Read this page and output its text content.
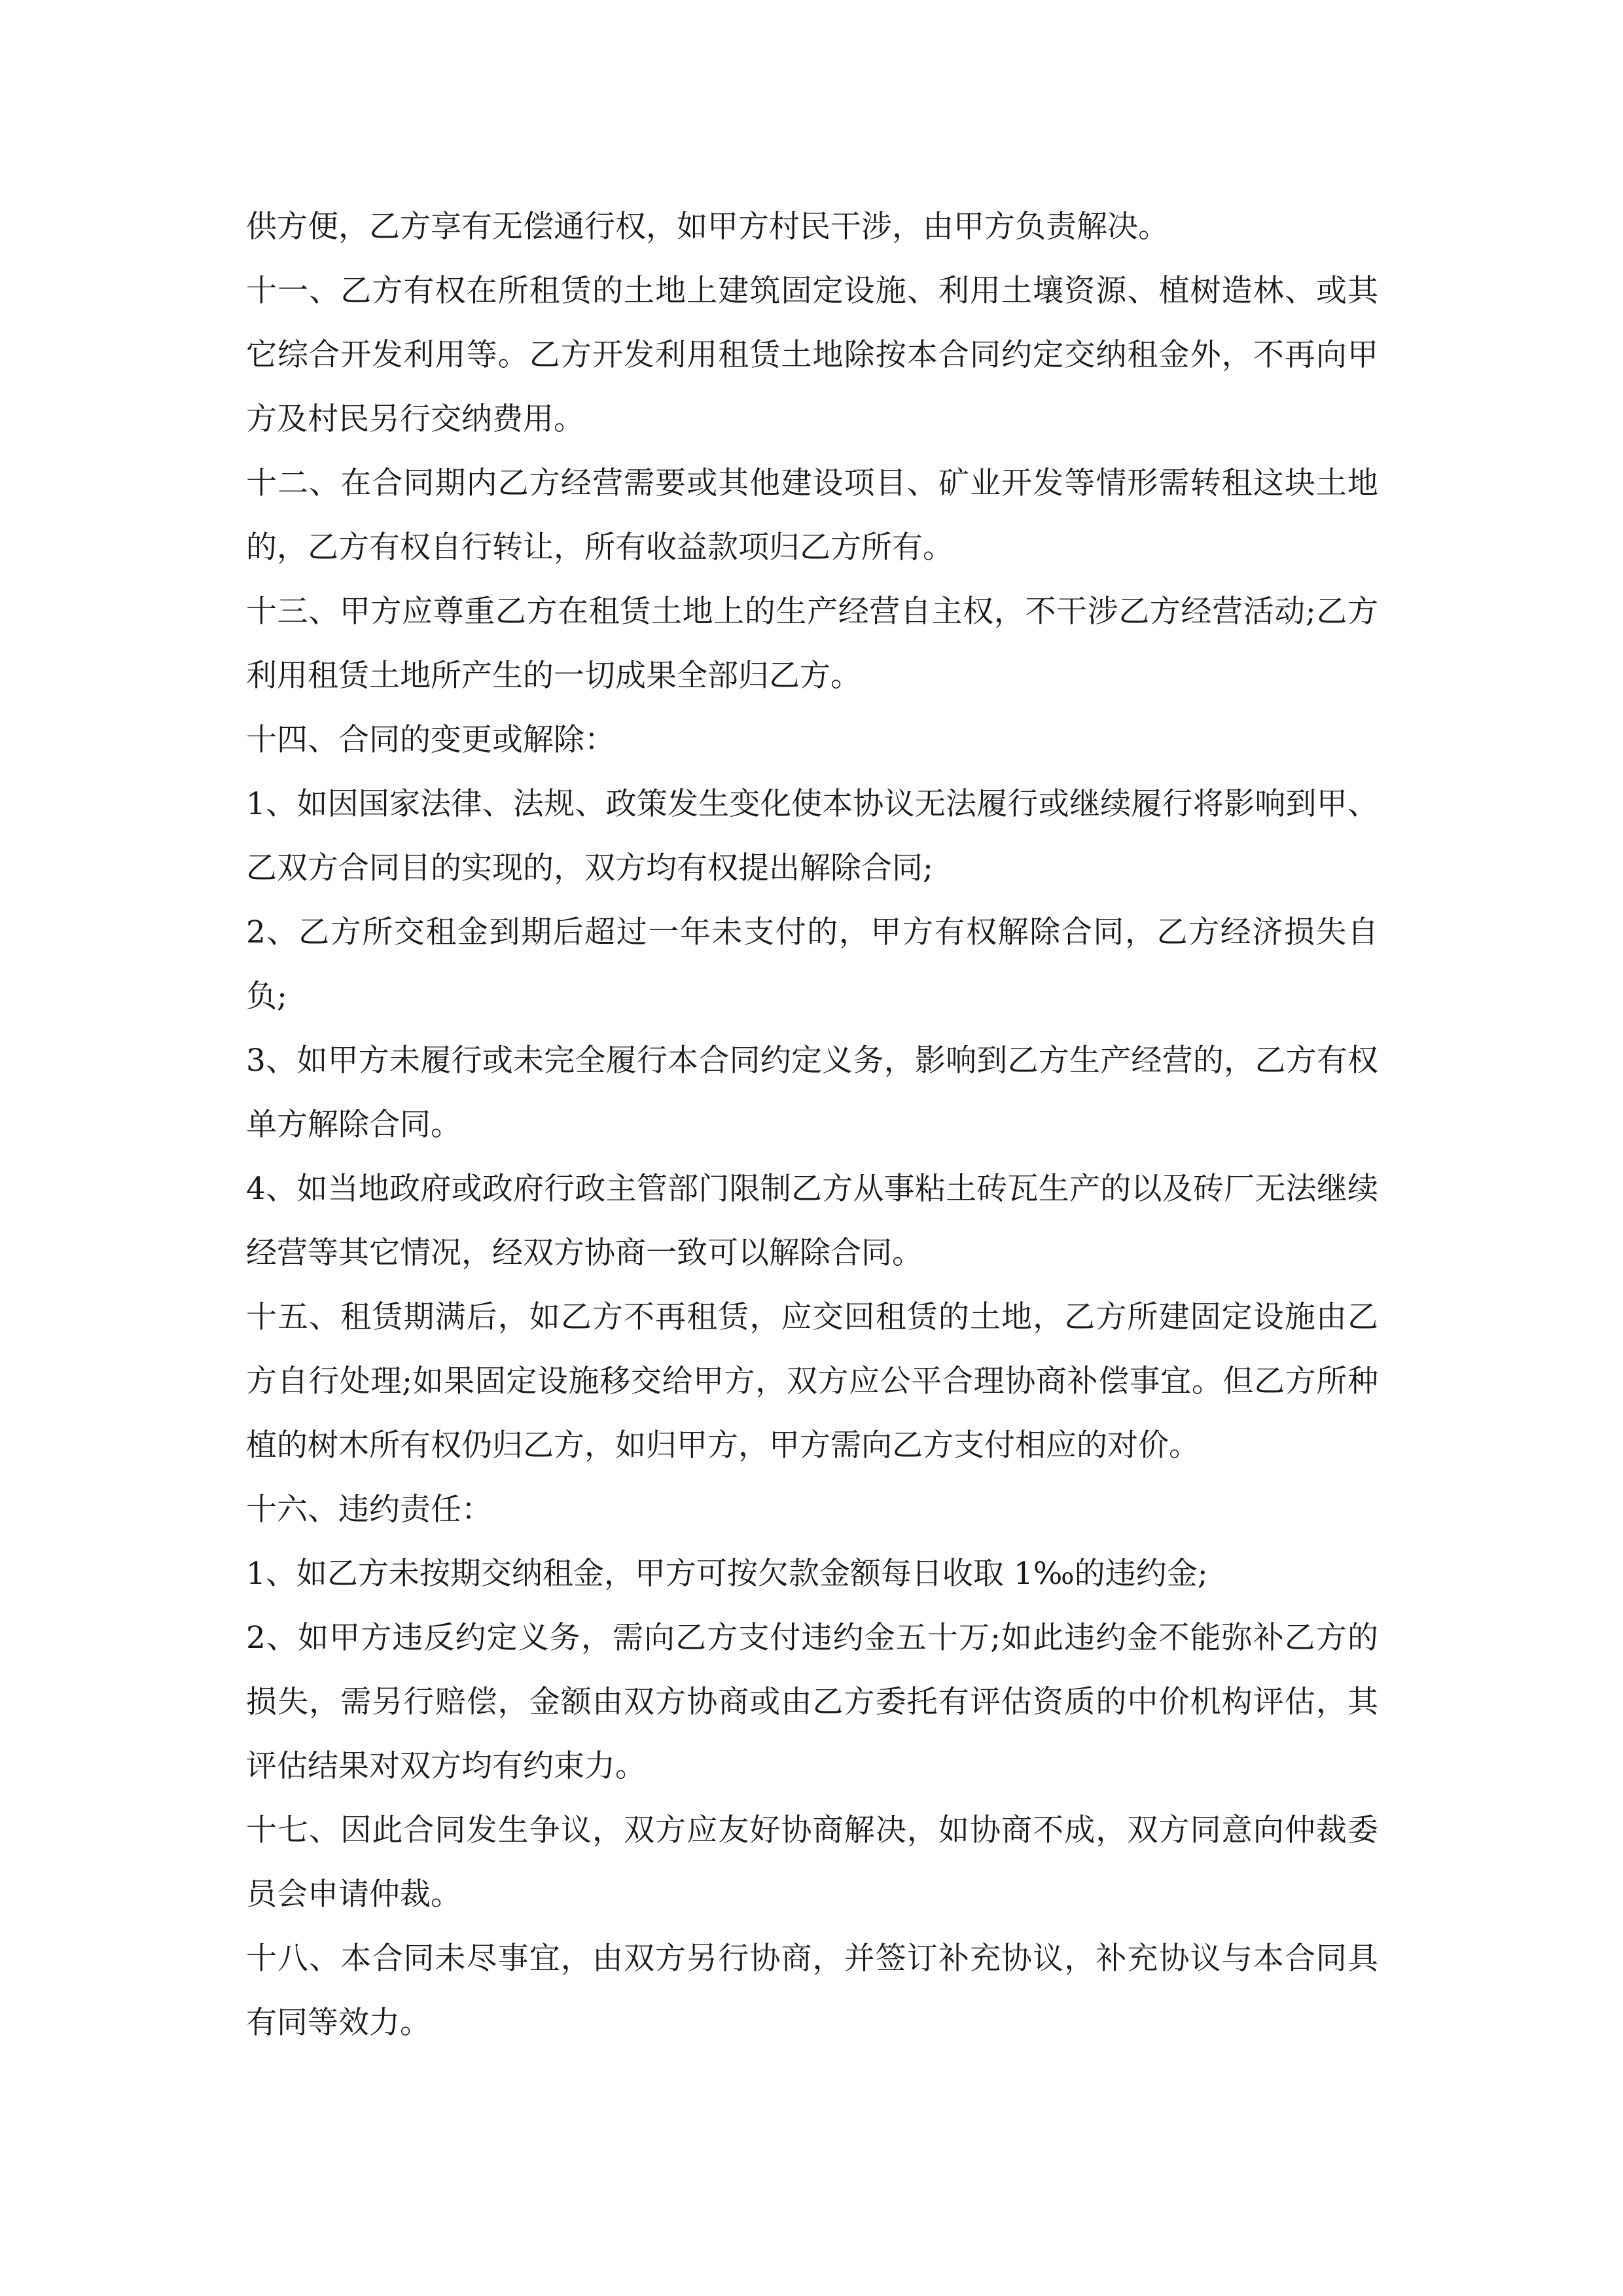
供方便，乙方享有无偿通行权，如甲方村民干涉，由甲方负责解决。

十一、乙方有权在所租赁的土地上建筑固定设施、利用土壤资源、植树造林、或其它综合开发利用等。乙方开发利用租赁土地除按本合同约定交纳租金外，不再向甲方及村民另行交纳费用。

十二、在合同期内乙方经营需要或其他建设项目、矿业开发等情形需转租这块土地的，乙方有权自行转让，所有收益款项归乙方所有。

十三、甲方应尊重乙方在租赁土地上的生产经营自主权，不干涉乙方经营活动;乙方利用租赁土地所产生的一切成果全部归乙方。

十四、合同的变更或解除：

1、如因国家法律、法规、政策发生变化使本协议无法履行或继续履行将影响到甲、乙双方合同目的实现的，双方均有权提出解除合同;

2、乙方所交租金到期后超过一年未支付的，甲方有权解除合同，乙方经济损失自负;

3、如甲方未履行或未完全履行本合同约定义务，影响到乙方生产经营的，乙方有权单方解除合同。

4、如当地政府或政府行政主管部门限制乙方从事粘土砖瓦生产的以及砖厂无法继续经营等其它情况，经双方协商一致可以解除合同。

十五、租赁期满后，如乙方不再租赁，应交回租赁的土地，乙方所建固定设施由乙方自行处理;如果固定设施移交给甲方，双方应公平合理协商补偿事宜。但乙方所种植的树木所有权仍归乙方，如归甲方，甲方需向乙方支付相应的对价。

十六、违约责任：

1、如乙方未按期交纳租金，甲方可按欠款金额每日收取 1‰的违约金;

2、如甲方违反约定义务，需向乙方支付违约金五十万;如此违约金不能弥补乙方的损失，需另行赔偿，金额由双方协商或由乙方委托有评估资质的中价机构评估，其评估结果对双方均有约束力。

十七、因此合同发生争议，双方应友好协商解决，如协商不成，双方同意向仲裁委员会申请仲裁。

十八、本合同未尽事宜，由双方另行协商，并签订补充协议，补充协议与本合同具有同等效力。
